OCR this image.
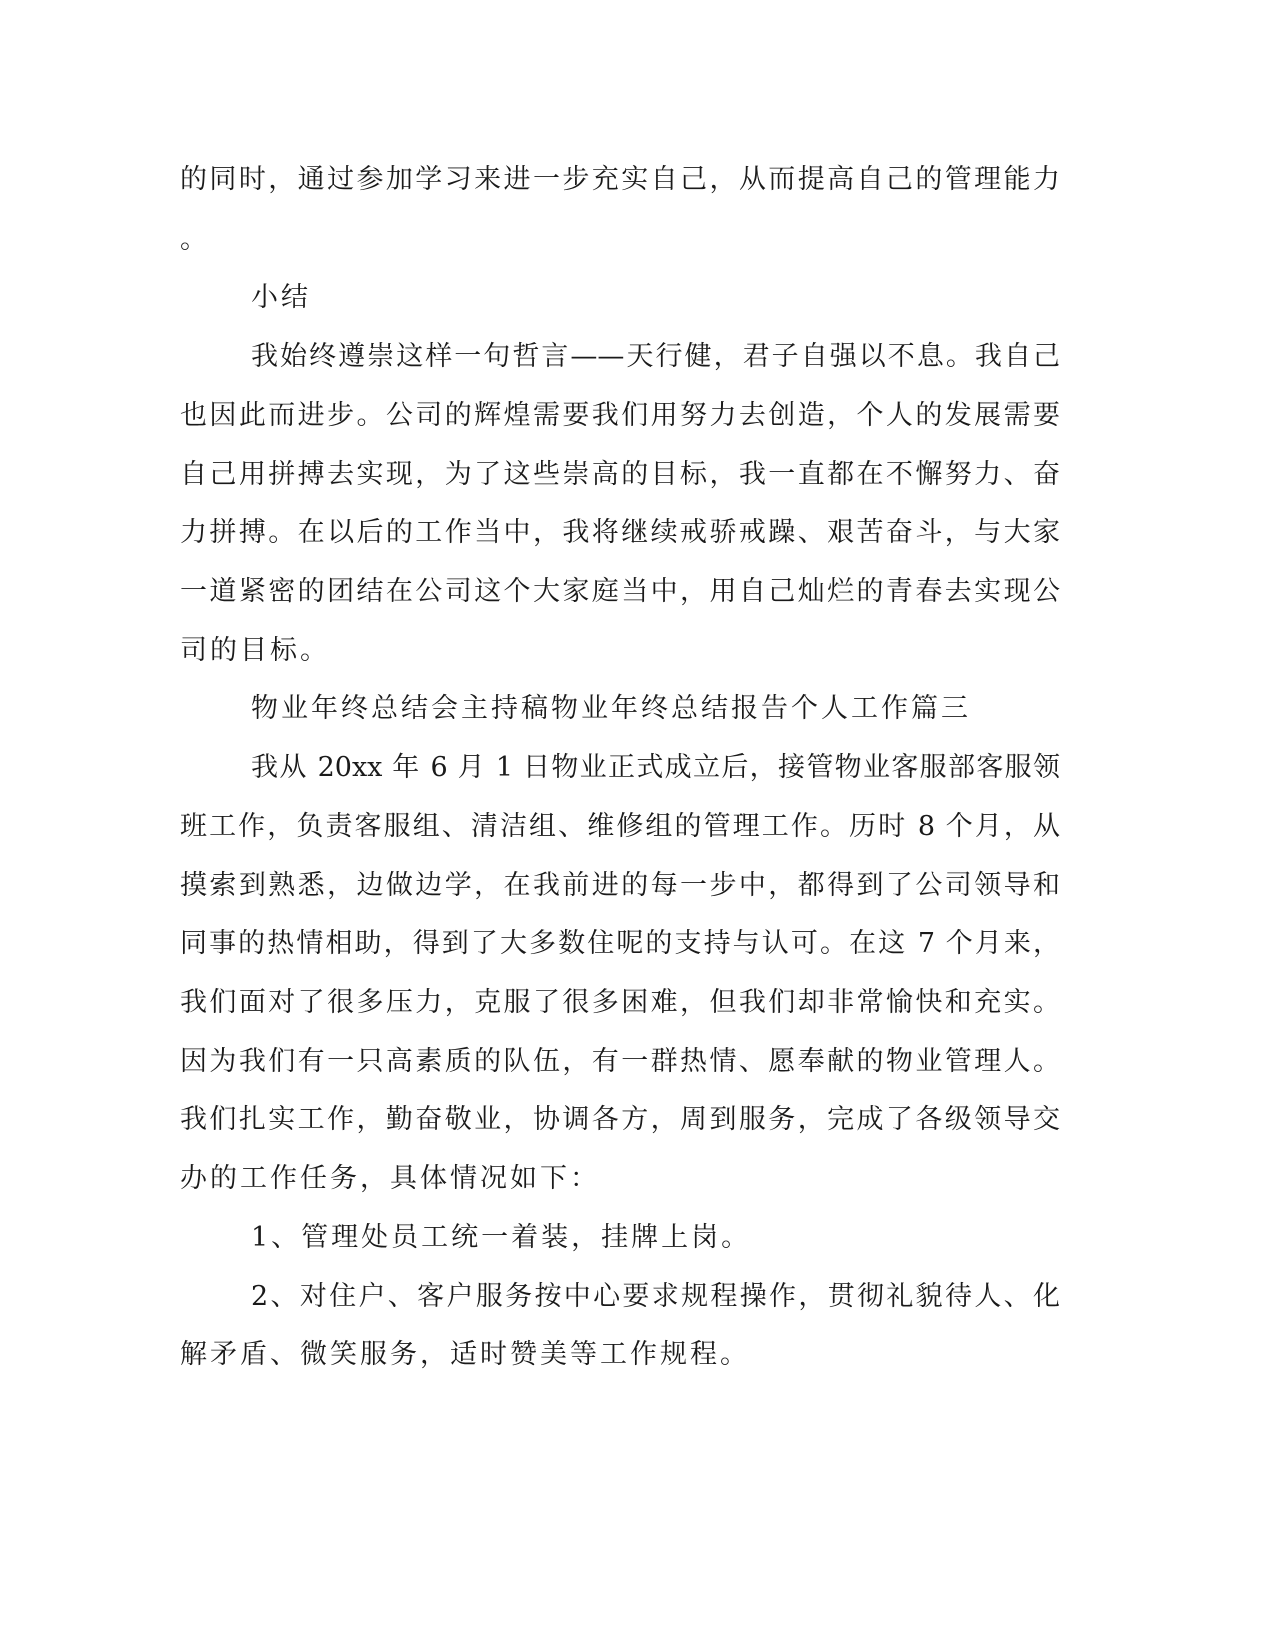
的同时，通过参加学习来进一步充实自己，从而提高自己的管理能力
。
小结
我始终遵崇这样一句哲言——天行健，君子自强以不息。我自己
也因此而进步。公司的辉煌需要我们用努力去创造，个人的发展需要
自己用拼搏去实现，为了这些崇高的目标，我一直都在不懈努力、奋
力拼搏。在以后的工作当中，我将继续戒骄戒躁、艰苦奋斗，与大家
一道紧密的团结在公司这个大家庭当中，用自己灿烂的青春去实现公
司的目标。
物业年终总结会主持稿物业年终总结报告个人工作篇三
我从 20xx 年 6 月 1 日物业正式成立后，接管物业客服部客服领
班工作，负责客服组、清洁组、维修组的管理工作。历时 8 个月，从
摸索到熟悉，边做边学，在我前进的每一步中，都得到了公司领导和
同事的热情相助，得到了大多数住呢的支持与认可。在这 7 个月来，
我们面对了很多压力，克服了很多困难，但我们却非常愉快和充实。
因为我们有一只高素质的队伍，有一群热情、愿奉献的物业管理人。
我们扎实工作，勤奋敬业，协调各方，周到服务，完成了各级领导交
办的工作任务，具体情况如下：
1、管理处员工统一着装，挂牌上岗。
2、对住户、客户服务按中心要求规程操作，贯彻礼貌待人、化
解矛盾、微笑服务，适时赞美等工作规程。
